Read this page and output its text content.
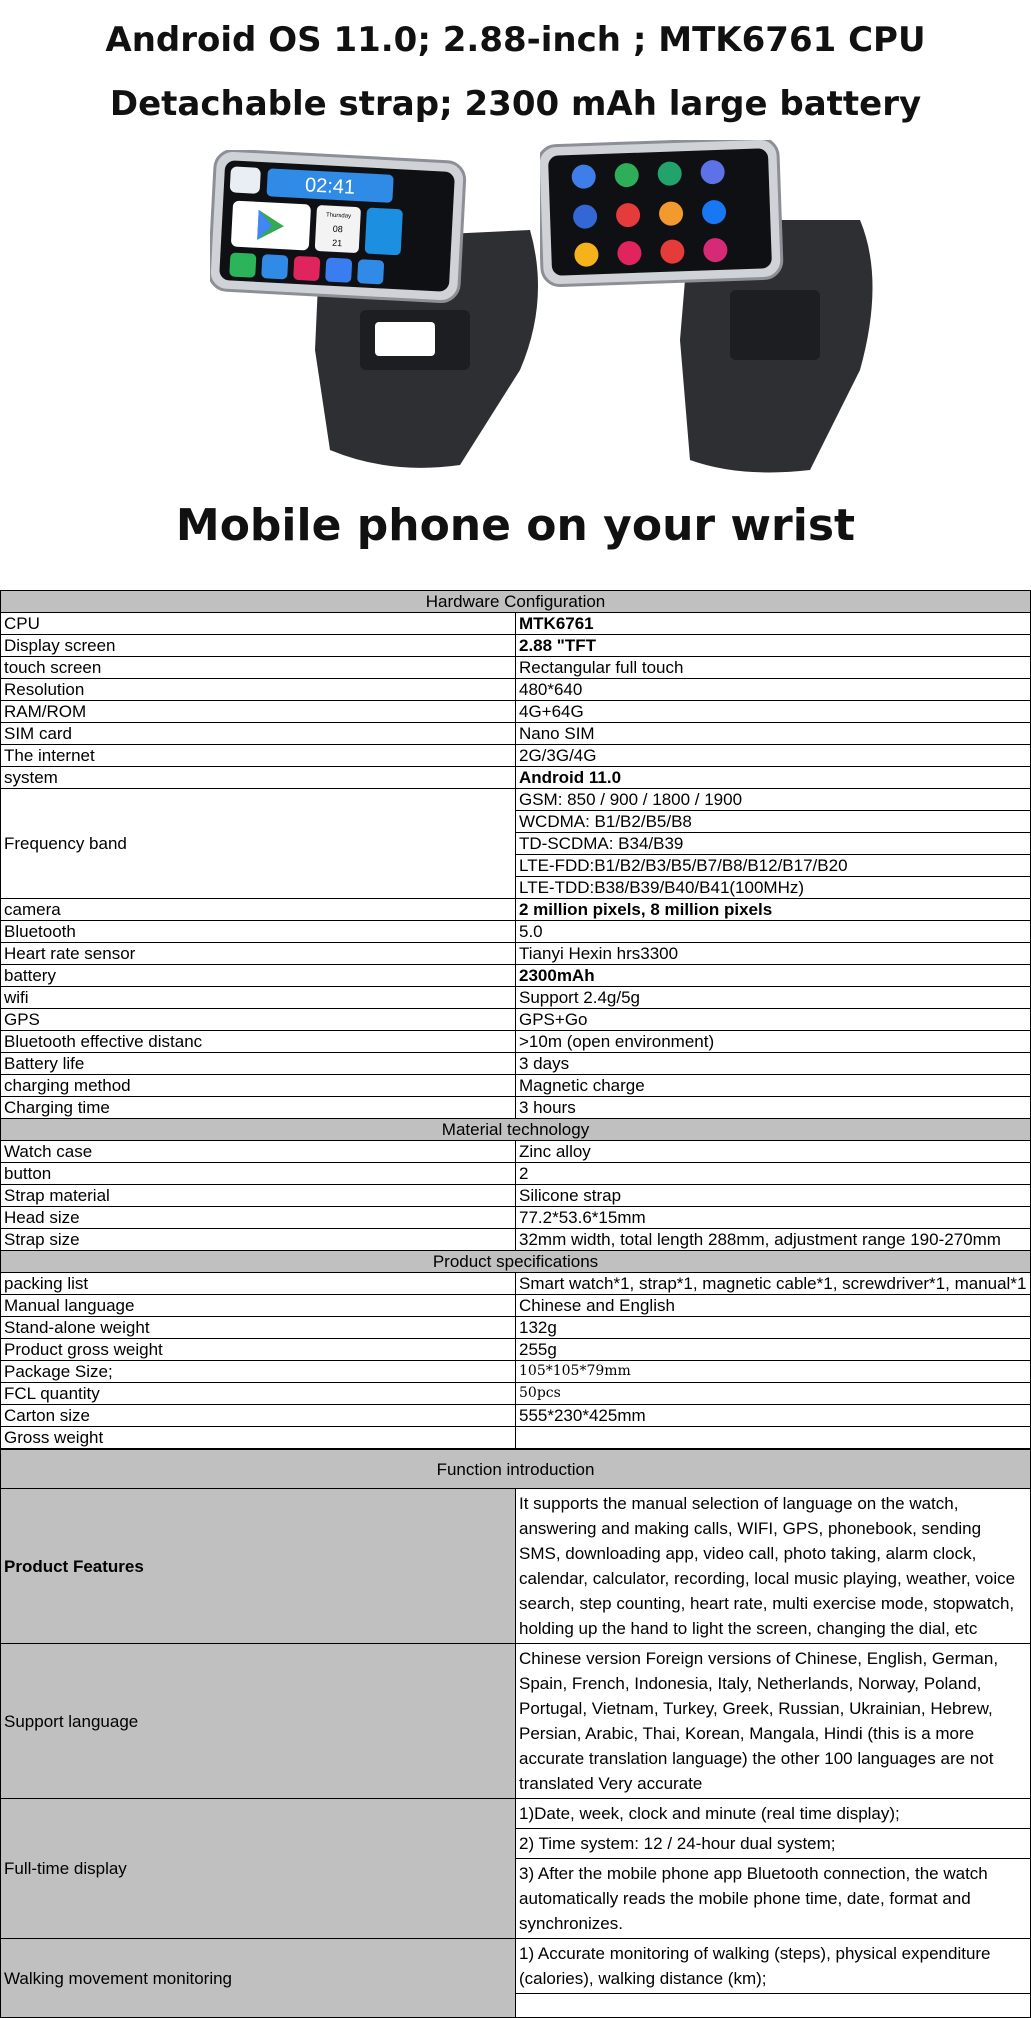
Android OS 11.0; 2.88-inch ; MTK6761 CPU
Detachable strap; 2300 mAh large battery
02:41
Thursday
08
21
Mobile phone on your wrist
Hardware Configuration	
CPU	MTK6761
Display screen	2.88 "TFT
touch screen	Rectangular full touch
Resolution	480*640
RAM/ROM	4G+64G
SIM card	Nano SIM
The internet	2G/3G/4G
system	Android 11.0
Frequency band	GSM: 850 / 900 / 1800 / 1900
	WCDMA: B1/B2/B5/B8
	TD-SCDMA: B34/B39
	LTE-FDD:B1/B2/B3/B5/B7/B8/B12/B17/B20
	LTE-TDD:B38/B39/B40/B41(100MHz)
camera	2 million pixels, 8 million pixels
Bluetooth	5.0
Heart rate sensor	Tianyi Hexin hrs3300
battery	2300mAh
wifi	Support 2.4g/5g
GPS	GPS+Go
Bluetooth effective distanc	>10m (open environment)
Battery life	3 days
charging method	Magnetic charge
Charging time	3 hours
Material technology	
Watch case	Zinc alloy
button	2
Strap material	Silicone strap
Head size	77.2*53.6*15mm
Strap size	32mm width, total length 288mm, adjustment range 190-270mm
Product specifications	
packing list	Smart watch*1, strap*1, magnetic cable*1, screwdriver*1, manual*1
Manual language	Chinese and English
Stand-alone weight	132g
Product gross weight	255g
Package Size;	105*105*79mm
FCL quantity	50pcs
Carton size	555*230*425mm
Gross weight	
Function introduction	
Product Features	It supports the manual selection of language on the watch, answering and making calls, WIFI, GPS, phonebook, sending SMS, downloading app, video call, photo taking, alarm clock, calendar, calculator, recording, local music playing, weather, voice search, step counting, heart rate, multi exercise mode, stopwatch, holding up the hand to light the screen, changing the dial, etc
Support language	Chinese version Foreign versions of Chinese, English, German, Spain, French, Indonesia, Italy, Netherlands, Norway, Poland, Portugal, Vietnam, Turkey, Greek, Russian, Ukrainian, Hebrew, Persian, Arabic, Thai, Korean, Mangala, Hindi (this is a more accurate translation language) the other 100 languages are not translated Very accurate
Full-time display	1)Date, week, clock and minute (real time display);
	2) Time system: 12 / 24-hour dual system;
	3) After the mobile phone app Bluetooth connection, the watch automatically reads the mobile phone time, date, format and synchronizes.
Walking movement monitoring	1) Accurate monitoring of walking (steps), physical expenditure (calories), walking distance (km);
